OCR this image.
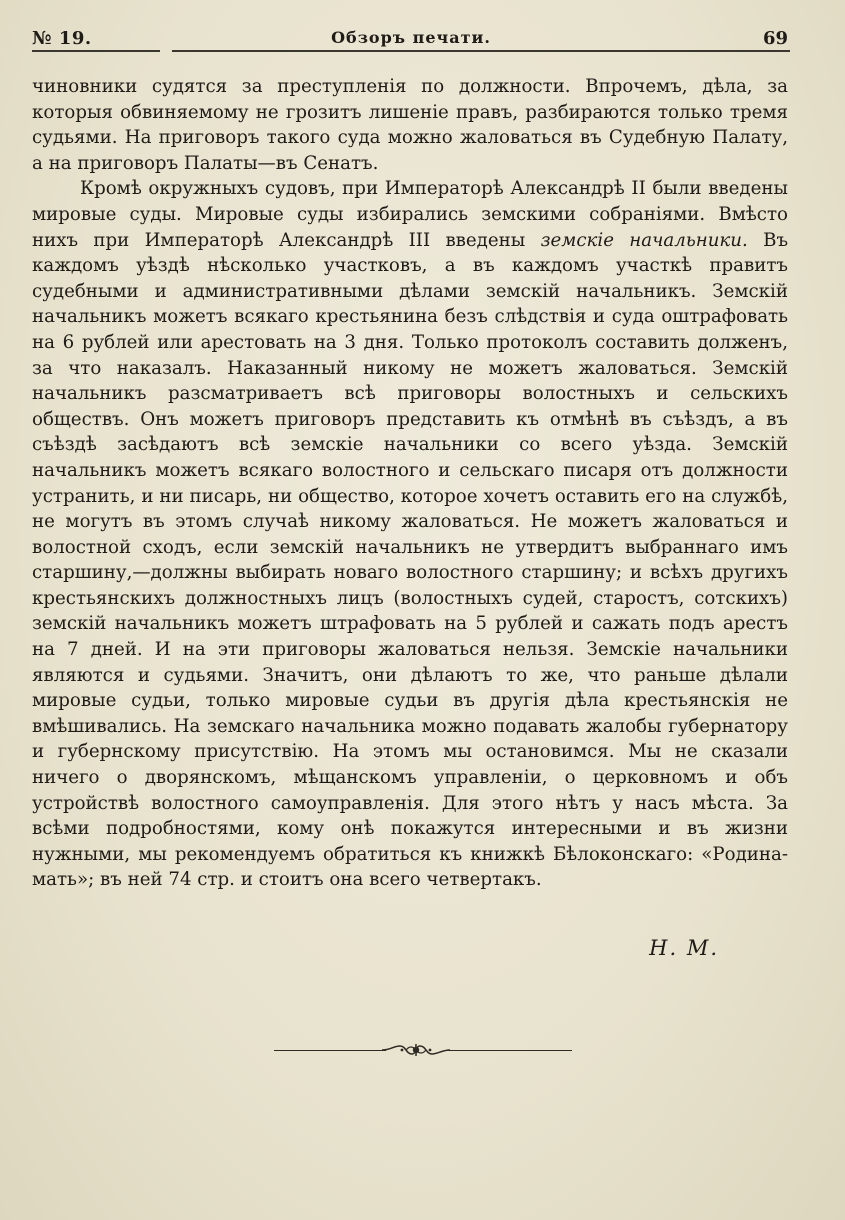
№ 19.	Обзоръ печати.	69

чиновники судятся за преступленія по должности. Впрочемъ, дѣла, за которыя обвиняемому не грозитъ лишеніе правъ, разбираются только тремя судьями. На приговоръ такого суда можно жаловаться въ Судебную Палату, а на приговоръ Палаты—въ Сенатъ.

Кромѣ окружныхъ судовъ, при Императорѣ Александрѣ II были введены мировые суды. Мировые суды избирались земскими собраніями. Вмѣсто нихъ при Императорѣ Александрѣ III введены земскіе начальники. Въ каждомъ уѣздѣ нѣсколько участковъ, а въ каждомъ участкѣ правитъ судебными и административными дѣлами земскій начальникъ. Земскій начальникъ можетъ всякаго крестьянина безъ слѣдствія и суда оштрафовать на 6 рублей или арестовать на 3 дня. Только протоколъ составить долженъ, за что наказалъ. Наказанный никому не можетъ жаловаться. Земскій начальникъ разсматриваетъ всѣ приговоры волостныхъ и сельскихъ обществъ. Онъ можетъ приговоръ представить къ отмѣнѣ въ съѣздъ, а въ съѣздѣ засѣдаютъ всѣ земскіе начальники со всего уѣзда. Земскій начальникъ можетъ всякаго волостного и сельскаго писаря отъ должности устранить, и ни писарь, ни общество, которое хочетъ оставить его на службѣ, не могутъ въ этомъ случаѣ никому жаловаться. Не можетъ жаловаться и волостной сходъ, если земскій начальникъ не утвердитъ выбраннаго имъ старшину,—должны выбирать новаго волостного старшину; и всѣхъ другихъ крестьянскихъ должностныхъ лицъ (волостныхъ судей, старостъ, сотскихъ) земскій начальникъ можетъ штрафовать на 5 рублей и сажать подъ арестъ на 7 дней. И на эти приговоры жаловаться нельзя. Земскіе начальники являются и судьями. Значитъ, они дѣлаютъ то же, что раньше дѣлали мировые судьи, только мировые судьи въ другія дѣла крестьянскія не вмѣшивались. На земскаго начальника можно подавать жалобы губернатору и губернскому присутствію. На этомъ мы остановимся. Мы не сказали ничего о дворянскомъ, мѣщанскомъ управленіи, о церковномъ и объ устройствѣ волостного самоуправленія. Для этого нѣтъ у насъ мѣста. За всѣми подробностями, кому онѣ покажутся интересными и въ жизни нужными, мы рекомендуемъ обратиться къ книжкѣ Бѣлоконскаго: «Родина-мать»; въ ней 74 стр. и стоитъ она всего четвертакъ.

Н. М.
